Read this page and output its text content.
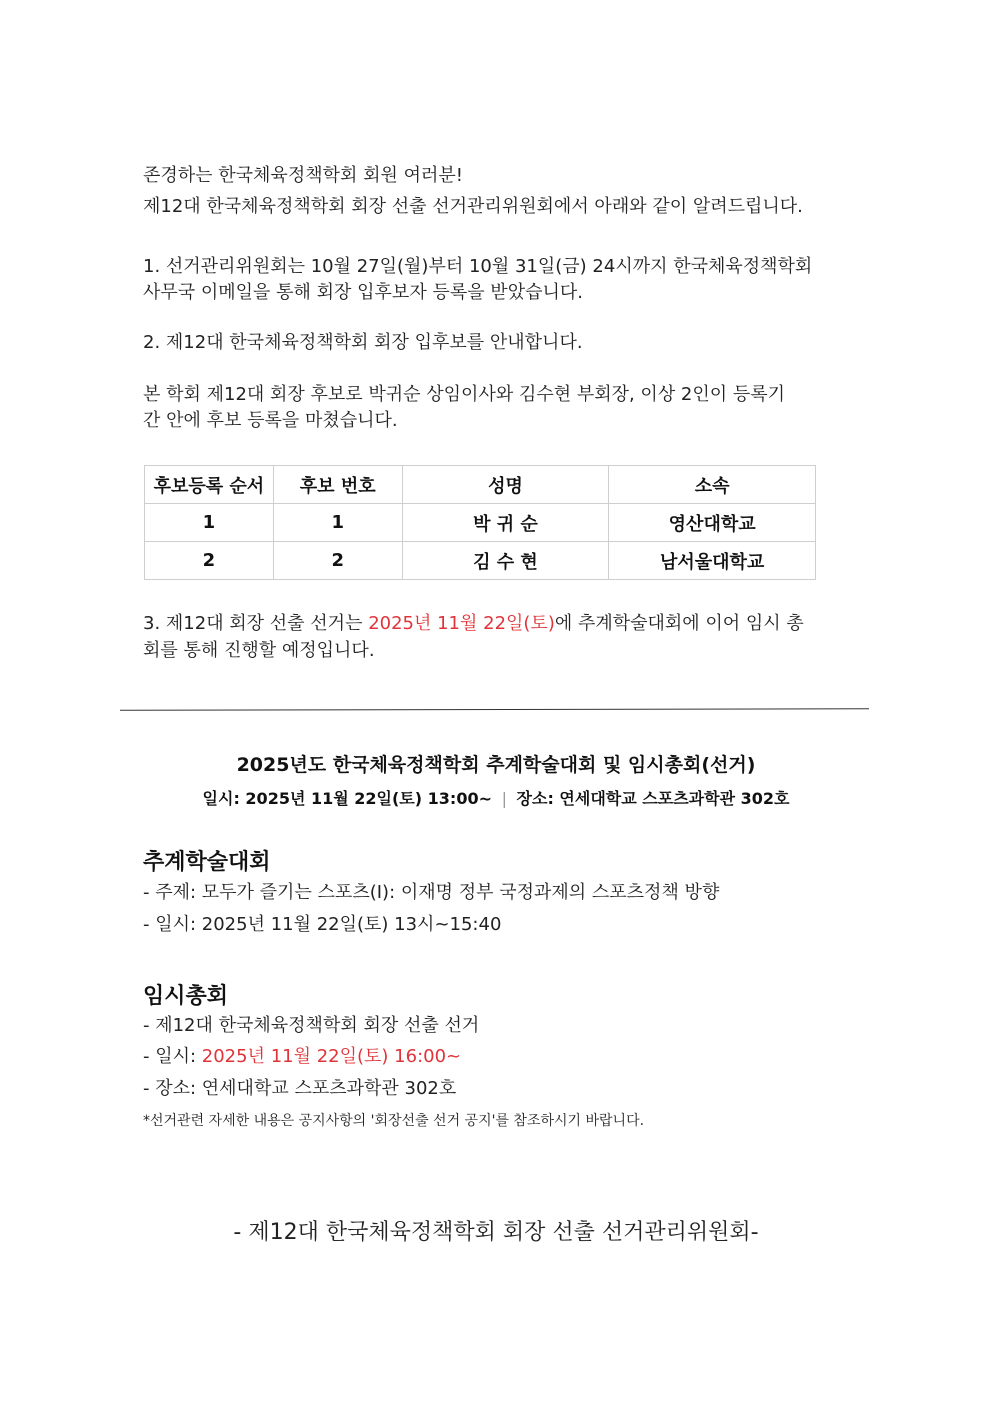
존경하는 한국체육정책학회 회원 여러분!

제12대 한국체육정책학회 회장 선출 선거관리위원회에서 아래와 같이 알려드립니다.

1. 선거관리위원회는 10월 27일(월)부터 10월 31일(금) 24시까지 한국체육정책학회

사무국 이메일을 통해 회장 입후보자 등록을 받았습니다.

2. 제12대 한국체육정책학회 회장 입후보를 안내합니다.

본 학회 제12대 회장 후보로 박귀순 상임이사와 김수현 부회장, 이상 2인이 등록기

간 안에 후보 등록을 마쳤습니다.

후보등록 순서	후보 번호	성명	소속
1	1	박 귀 순	영산대학교
2	2	김 수 현	남서울대학교

3. 제12대 회장 선출 선거는 2025년 11월 22일(토)에 추계학술대회에 이어 임시 총

회를 통해 진행할 예정입니다.

2025년도 한국체육정책학회 추계학술대회 및 임시총회(선거)

일시: 2025년 11월 22일(토) 13:00~ | 장소: 연세대학교 스포츠과학관 302호

추계학술대회

- 주제: 모두가 즐기는 스포츠(I): 이재명 정부 국정과제의 스포츠정책 방향

- 일시: 2025년 11월 22일(토) 13시~15:40

임시총회

- 제12대 한국체육정책학회 회장 선출 선거

- 일시: 2025년 11월 22일(토) 16:00~

- 장소: 연세대학교 스포츠과학관 302호

*선거관련 자세한 내용은 공지사항의 '회장선출 선거 공지'를 참조하시기 바랍니다.

- 제12대 한국체육정책학회 회장 선출 선거관리위원회-
